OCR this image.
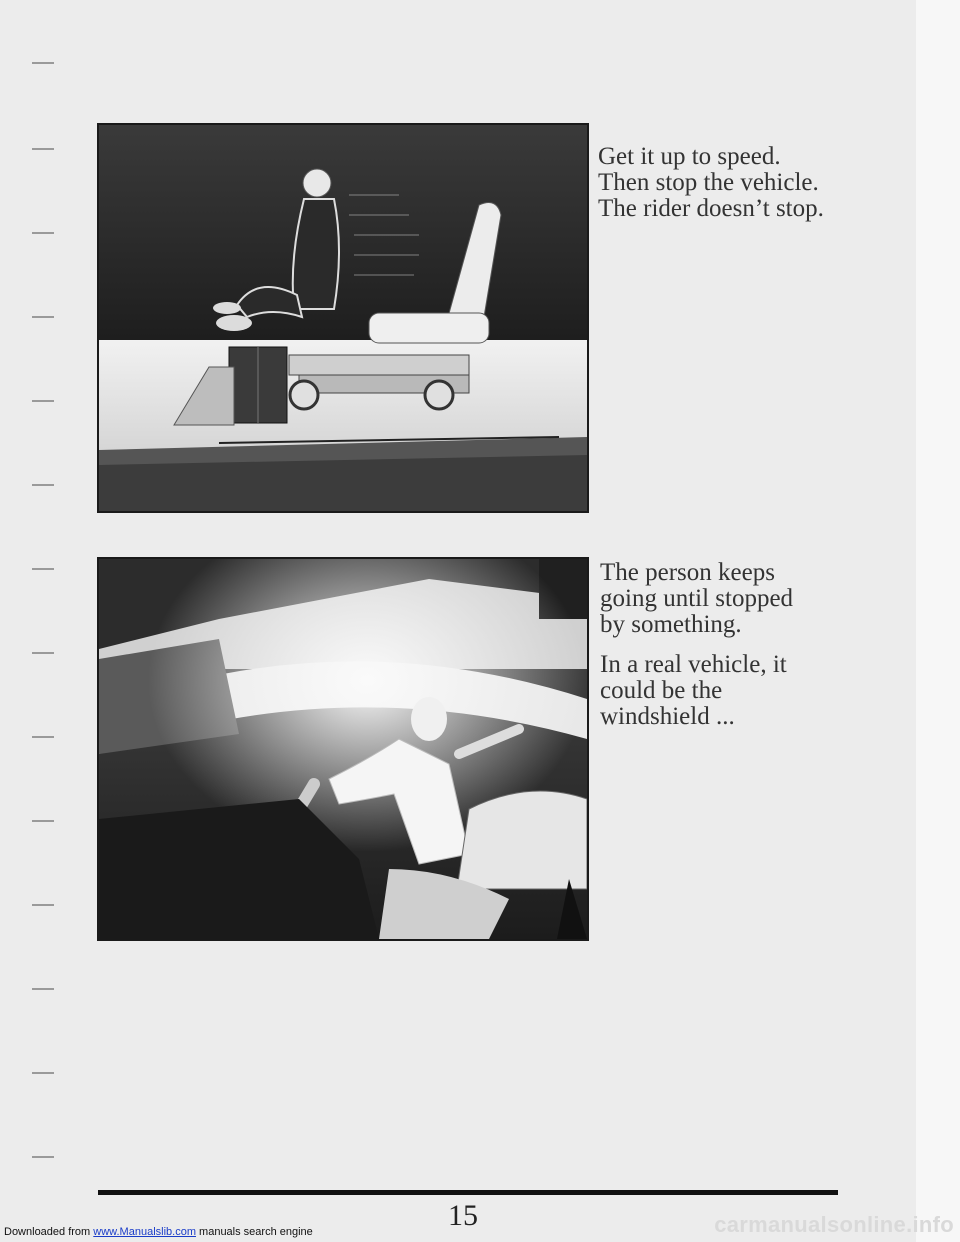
Get it up to speed.

Then stop the vehicle.

The rider doesn’t stop.

The person keeps

going until stopped

by something.

In a real vehicle, it

could be the

windshield ...

15
Downloaded from www.Manualslib.com manuals search engine	carmanualsonline.info
